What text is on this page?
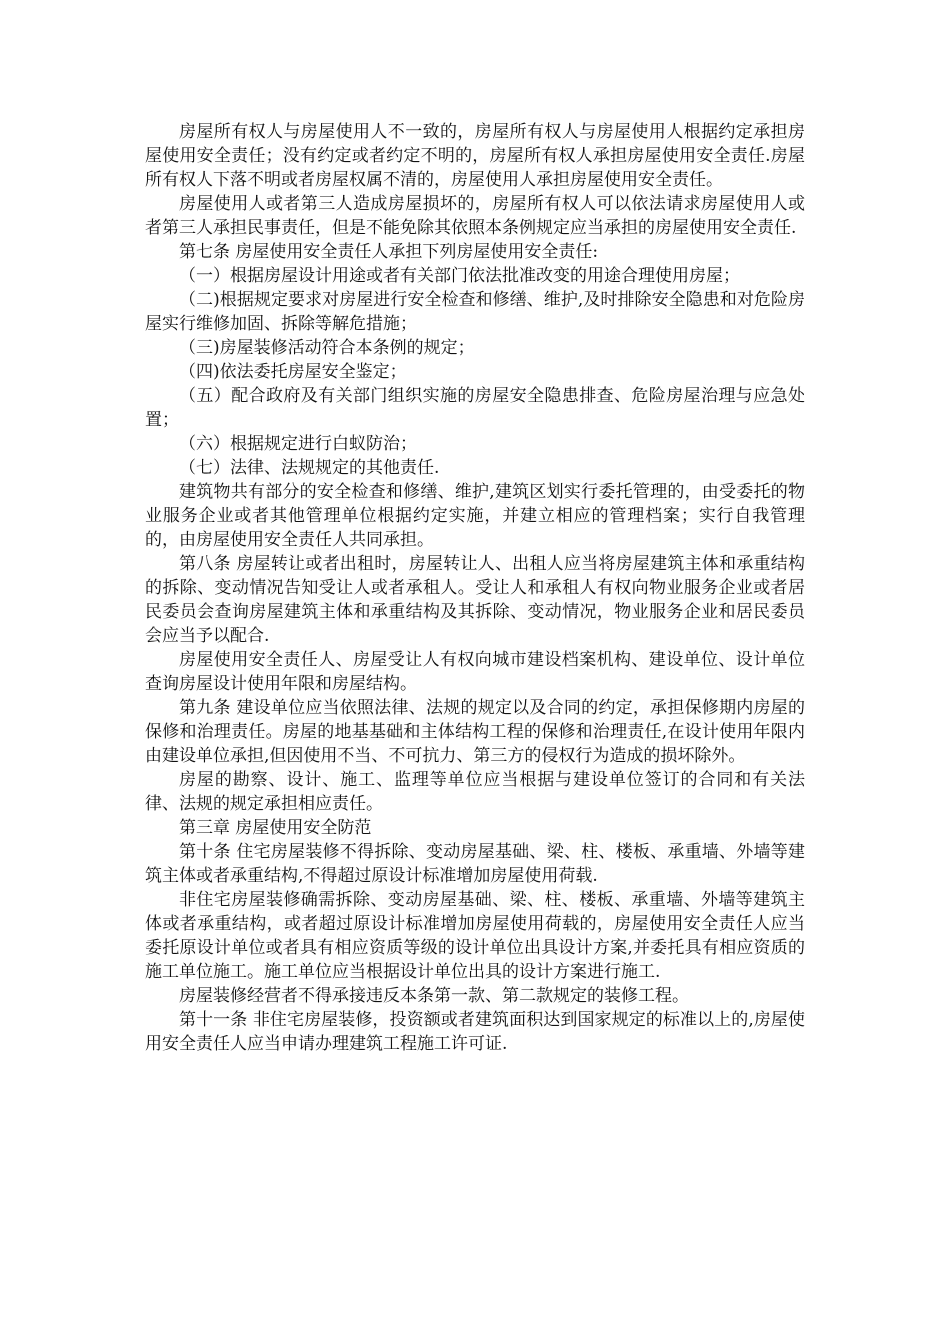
房屋所有权人与房屋使用人不一致的，房屋所有权人与房屋使用人根据约定承担房屋使用安全责任；没有约定或者约定不明的，房屋所有权人承担房屋使用安全责任.房屋所有权人下落不明或者房屋权属不清的，房屋使用人承担房屋使用安全责任。

房屋使用人或者第三人造成房屋损坏的，房屋所有权人可以依法请求房屋使用人或者第三人承担民事责任，但是不能免除其依照本条例规定应当承担的房屋使用安全责任.

第七条 房屋使用安全责任人承担下列房屋使用安全责任:

（一）根据房屋设计用途或者有关部门依法批准改变的用途合理使用房屋；

（二)根据规定要求对房屋进行安全检查和修缮、维护,及时排除安全隐患和对危险房屋实行维修加固、拆除等解危措施；

（三)房屋装修活动符合本条例的规定；

（四)依法委托房屋安全鉴定；

（五）配合政府及有关部门组织实施的房屋安全隐患排查、危险房屋治理与应急处置；

（六）根据规定进行白蚁防治；

（七）法律、法规规定的其他责任.

建筑物共有部分的安全检查和修缮、维护,建筑区划实行委托管理的，由受委托的物业服务企业或者其他管理单位根据约定实施，并建立相应的管理档案；实行自我管理的，由房屋使用安全责任人共同承担。

第八条 房屋转让或者出租时，房屋转让人、出租人应当将房屋建筑主体和承重结构的拆除、变动情况告知受让人或者承租人。受让人和承租人有权向物业服务企业或者居民委员会查询房屋建筑主体和承重结构及其拆除、变动情况，物业服务企业和居民委员会应当予以配合.

房屋使用安全责任人、房屋受让人有权向城市建设档案机构、建设单位、设计单位查询房屋设计使用年限和房屋结构。

第九条 建设单位应当依照法律、法规的规定以及合同的约定，承担保修期内房屋的保修和治理责任。房屋的地基基础和主体结构工程的保修和治理责任,在设计使用年限内由建设单位承担,但因使用不当、不可抗力、第三方的侵权行为造成的损坏除外。

房屋的勘察、设计、施工、监理等单位应当根据与建设单位签订的合同和有关法律、法规的规定承担相应责任。

第三章 房屋使用安全防范

第十条 住宅房屋装修不得拆除、变动房屋基础、梁、柱、楼板、承重墙、外墙等建筑主体或者承重结构,不得超过原设计标准增加房屋使用荷载.

非住宅房屋装修确需拆除、变动房屋基础、梁、柱、楼板、承重墙、外墙等建筑主体或者承重结构，或者超过原设计标准增加房屋使用荷载的，房屋使用安全责任人应当委托原设计单位或者具有相应资质等级的设计单位出具设计方案,并委托具有相应资质的施工单位施工。施工单位应当根据设计单位出具的设计方案进行施工.

房屋装修经营者不得承接违反本条第一款、第二款规定的装修工程。

第十一条 非住宅房屋装修，投资额或者建筑面积达到国家规定的标准以上的,房屋使用安全责任人应当申请办理建筑工程施工许可证.
